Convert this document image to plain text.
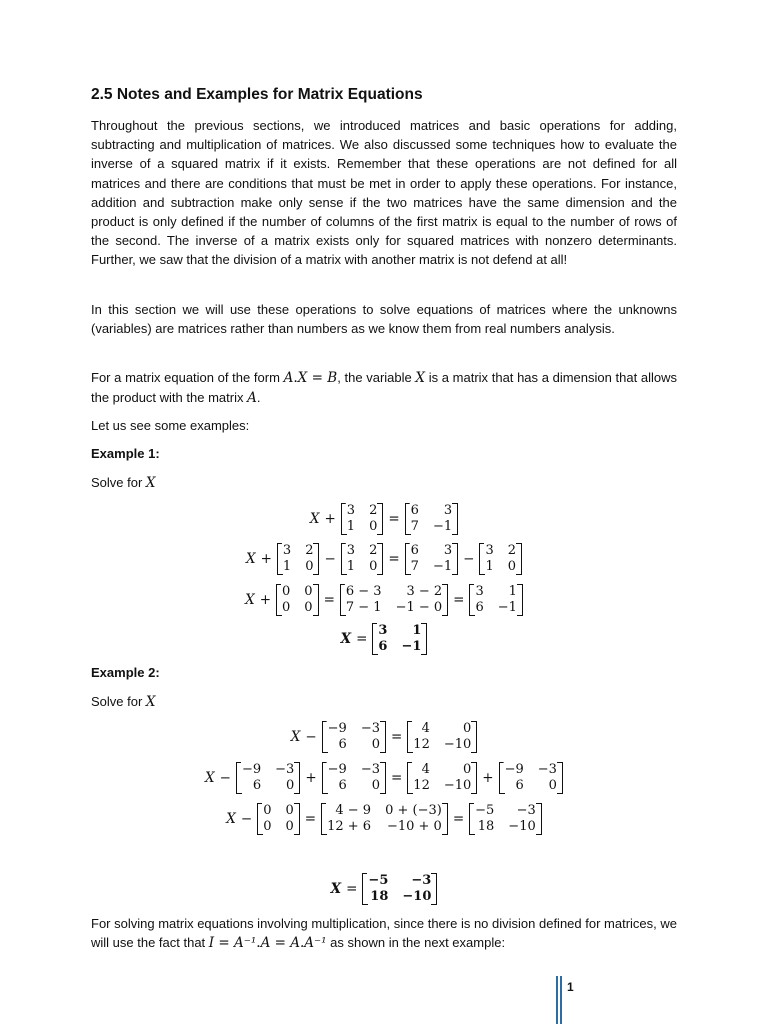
2.5 Notes and Examples for Matrix Equations

Throughout the previous sections, we introduced matrices and basic operations for adding, subtracting and multiplication of matrices. We also discussed some techniques how to evaluate the inverse of a squared matrix if it exists. Remember that these operations are not defined for all matrices and there are conditions that must be met in order to apply these operations. For instance, addition and subtraction make only sense if the two matrices have the same dimension and the product is only defined if the number of columns of the first matrix is equal to the number of rows of the second. The inverse of a matrix exists only for squared matrices with nonzero determinants. Further, we saw that the division of a matrix with another matrix is not defend at all!

In this section we will use these operations to solve equations of matrices where the unknowns (variables) are matrices rather than numbers as we know them from real numbers analysis.

For a matrix equation of the form A.X = B, the variable X is a matrix that has a dimension that allows the product with the matrix A.

Let us see some examples:

Example 1:

Solve for X

X +
3
1
2
0 =
6
7
3
−1
X +
3
1
2
0 −
3
1
2
0 =
6
7
3
−1 −
3
1
2
0
X +
0
0
0
0 =
6 − 3
7 − 1
3 − 2
−1 − 0 =
3
6
1
−1
X =
3
6
1
−1

Example 2:

Solve for X

X −
−9
6
−3
0 =
4
12
0
−10
X −
−9
6
−3
0 +
−9
6
−3
0 =
4
12
0
−10 +
−9
6
−3
0
X −
0
0
0
0 =
4 − 9
12 + 6
0 + (−3)
−10 + 0 =
−5
18
−3
−10
X =
−5
18
−3
−10

For solving matrix equations involving multiplication, since there is no division defined for matrices, we will use the fact that I = A⁻¹.A = A.A⁻¹ as shown in the next example:

1
